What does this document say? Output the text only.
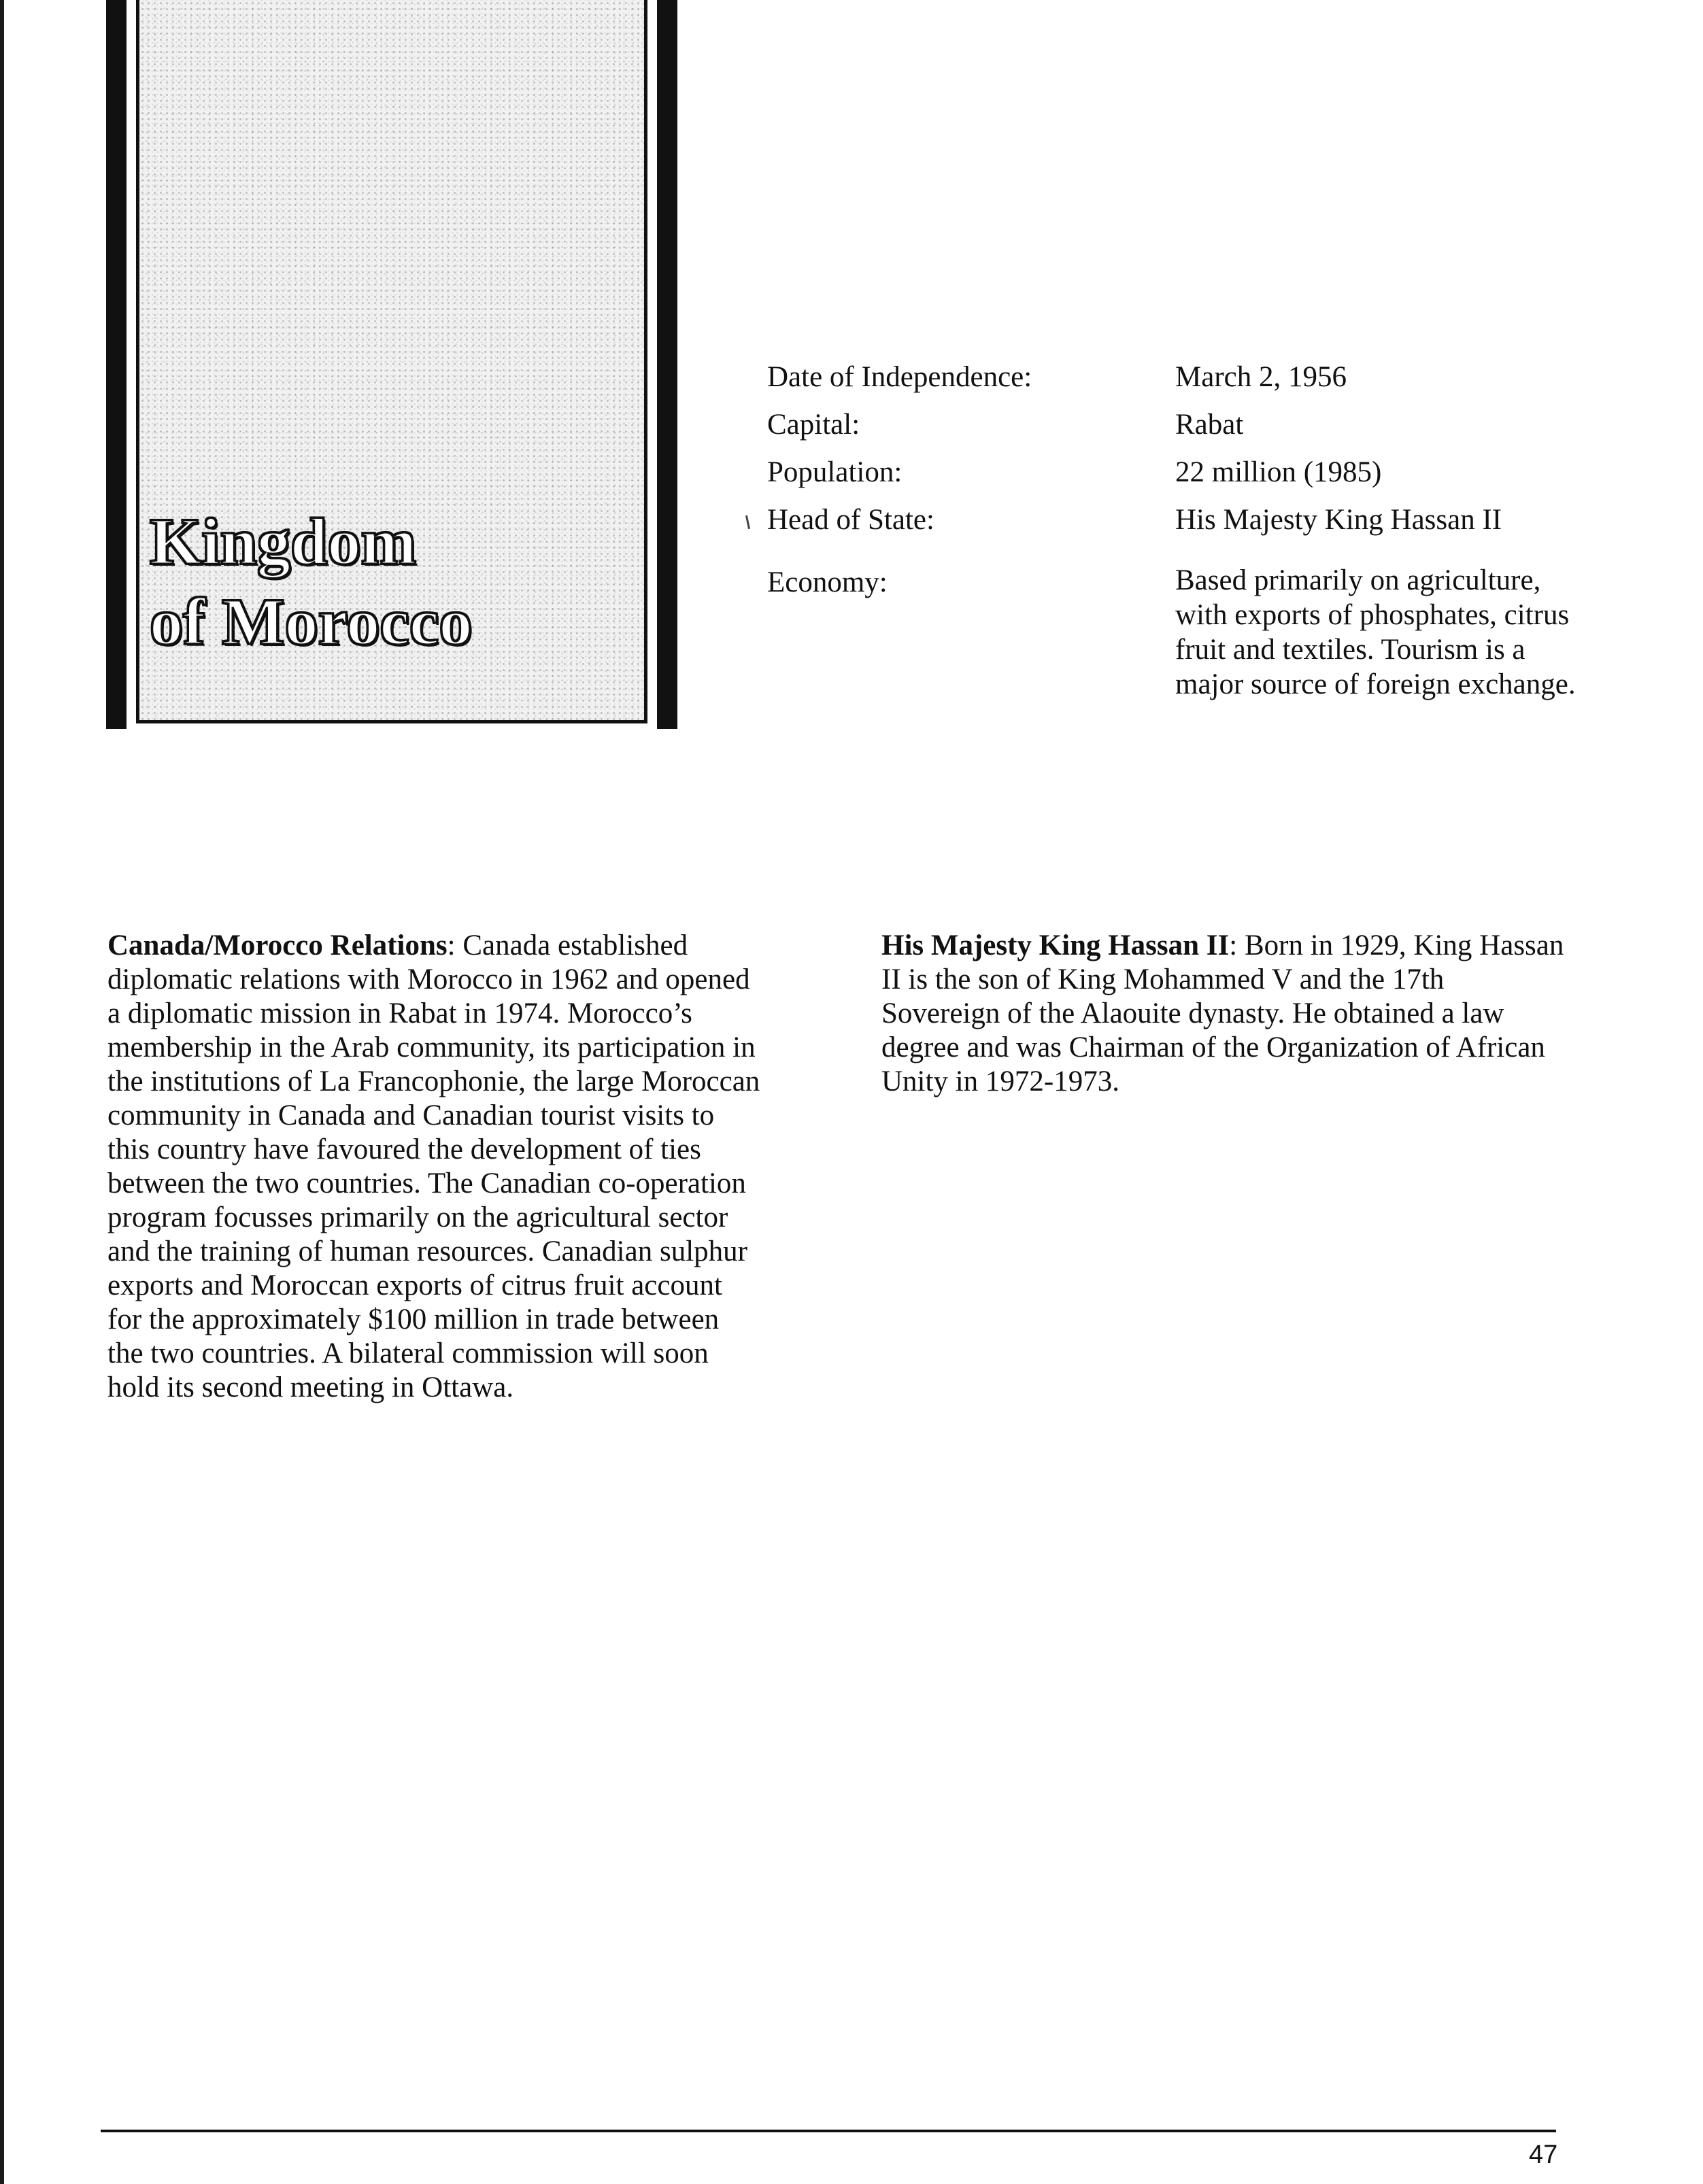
Kingdom
of Morocco
Date of Independence:	March 2, 1956
Capital:	Rabat
Population:	22 million (1985)
Head of State:	His Majesty King Hassan II
Economy:	Based primarily on agriculture, with exports of phosphates, citrus fruit and textiles. Tourism is a major source of foreign exchange.

Canada/Morocco Relations: Canada established diplomatic relations with Morocco in 1962 and opened a diplomatic mission in Rabat in 1974. Morocco’s membership in the Arab community, its participation in the institutions of La Francophonie, the large Moroccan community in Canada and Canadian tourist visits to this country have favoured the development of ties between the two countries. The Canadian co-operation program focusses primarily on the agricultural sector and the training of human resources. Canadian sulphur exports and Moroccan exports of citrus fruit account for the approximately $100 million in trade between the two countries. A bilateral commission will soon hold its second meeting in Ottawa.

His Majesty King Hassan II: Born in 1929, King Hassan II is the son of King Mohammed V and the 17th Sovereign of the Alaouite dynasty. He obtained a law degree and was Chairman of the Organization of African Unity in 1972-1973.

47
